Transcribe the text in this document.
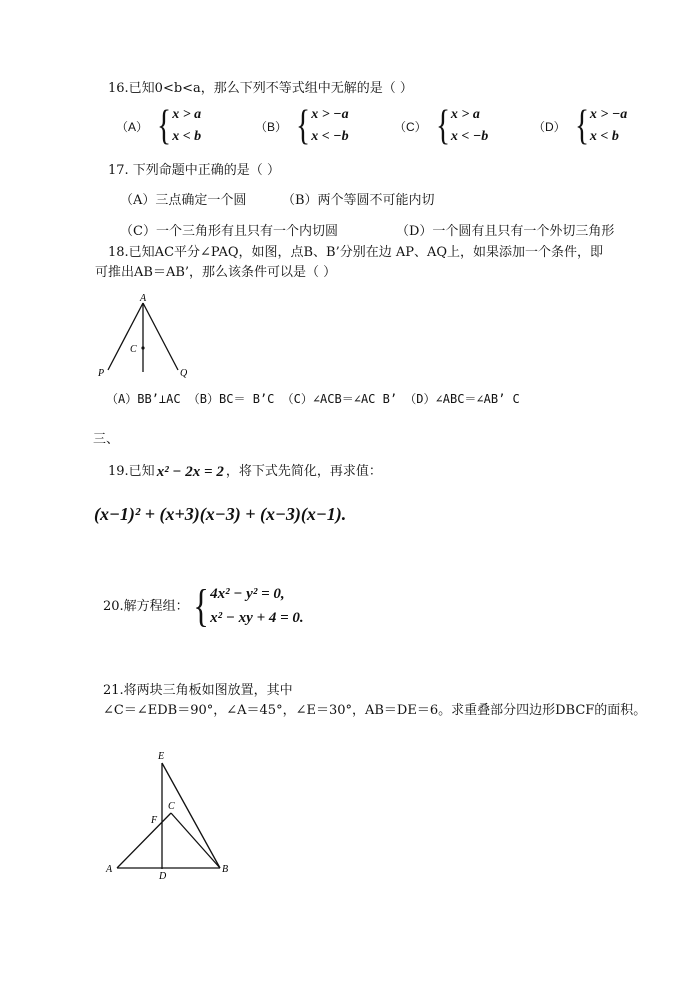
16.已知0<b<a，那么下列不等式组中无解的是（ ）
（A） { x > a
x < b
（B） { x > −a
x < −b
（C） { x > a
x < −b
（D） { x > −a
x < b
17. 下列命题中正确的是（ ）
（A）三点确定一个圆	（B）两个等圆不可能内切
（C）一个三角形有且只有一个内切圆	（D）一个圆有且只有一个外切三角形
18.已知AC平分∠PAQ，如图，点B、B’分别在边 AP、AQ上，如果添加一个条件，即
可推出AB＝AB’，那么该条件可以是（ ）
A
C
P	Q
（A）BB’⊥AC （B）BC＝ B’C （C）∠ACB＝∠AC B’ （D）∠ABC＝∠AB’ C
三、
19.已知 x² − 2x = 2 ，将下式先简化，再求值：
(x−1)² + (x+3)(x−3) + (x−3)(x−1).
20.解方程组： { 4x² − y² = 0,
x² − xy + 4 = 0.
21.将两块三角板如图放置，其中
∠C＝∠EDB＝90°，∠A＝45°，∠E＝30°，AB＝DE＝6。求重叠部分四边形DBCF的面积。
E
C
F
A
D
B
